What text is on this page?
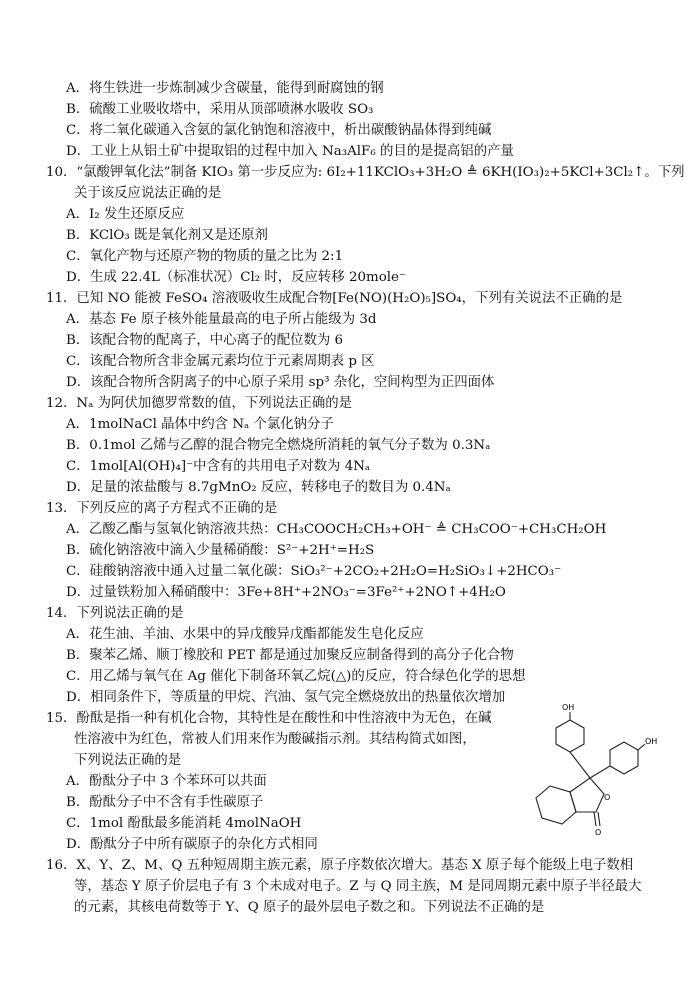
A．将生铁进一步炼制减少含碳量，能得到耐腐蚀的钢
B．硫酸工业吸收塔中，采用从顶部喷淋水吸收 SO₃
C．将二氧化碳通入含氨的氯化钠饱和溶液中，析出碳酸钠晶体得到纯碱
D．工业上从铝土矿中提取铝的过程中加入 Na₃AlF₆ 的目的是提高铝的产量
10．“氯酸钾氧化法”制备 KIO₃ 第一步反应为: 6I₂+11KClO₃+3H₂O ≜ 6KH(IO₃)₂+5KCl+3Cl₂↑。下列
关于该反应说法正确的是
A．I₂ 发生还原反应
B．KClO₃ 既是氧化剂又是还原剂
C．氧化产物与还原产物的物质的量之比为 2:1
D．生成 22.4L（标准状况）Cl₂ 时，反应转移 20mole⁻
11．已知 NO 能被 FeSO₄ 溶液吸收生成配合物[Fe(NO)(H₂O)₅]SO₄，下列有关说法不正确的是
A．基态 Fe 原子核外能量最高的电子所占能级为 3d
B．该配合物的配离子，中心离子的配位数为 6
C．该配合物所含非金属元素均位于元素周期表 p 区
D．该配合物所含阴离子的中心原子采用 sp³ 杂化，空间构型为正四面体
12．Nₐ 为阿伏加德罗常数的值，下列说法正确的是
A．1molNaCl 晶体中约含 Nₐ 个氯化钠分子
B．0.1mol 乙烯与乙醇的混合物完全燃烧所消耗的氧气分子数为 0.3Nₐ
C．1mol[Al(OH)₄]⁻中含有的共用电子对数为 4Nₐ
D．足量的浓盐酸与 8.7gMnO₂ 反应，转移电子的数目为 0.4Nₐ
13．下列反应的离子方程式不正确的是
A．乙酸乙酯与氢氧化钠溶液共热：CH₃COOCH₂CH₃+OH⁻ ≜ CH₃COO⁻+CH₃CH₂OH
B．硫化钠溶液中滴入少量稀硝酸：S²⁻+2H⁺=H₂S
C．硅酸钠溶液中通入过量二氧化碳：SiO₃²⁻+2CO₂+2H₂O=H₂SiO₃↓+2HCO₃⁻
D．过量铁粉加入稀硝酸中：3Fe+8H⁺+2NO₃⁻=3Fe²⁺+2NO↑+4H₂O
14．下列说法正确的是
A．花生油、羊油、水果中的异戊酸异戊酯都能发生皂化反应
B．聚苯乙烯、顺丁橡胶和 PET 都是通过加聚反应制备得到的高分子化合物
C．用乙烯与氧气在 Ag 催化下制备环氧乙烷(△)的反应，符合绿色化学的思想
D．相同条件下，等质量的甲烷、汽油、氢气完全燃烧放出的热量依次增加
15．酚酞是指一种有机化合物，其特性是在酸性和中性溶液中为无色，在碱
性溶液中为红色，常被人们用来作为酸碱指示剂。其结构简式如图，
下列说法正确的是
A．酚酞分子中 3 个苯环可以共面
B．酚酞分子中不含有手性碳原子
C．1mol 酚酞最多能消耗 4molNaOH
D．酚酞分子中所有碳原子的杂化方式相同
16．X、Y、Z、M、Q 五种短周期主族元素，原子序数依次增大。基态 X 原子每个能级上电子数相
等，基态 Y 原子价层电子有 3 个未成对电子。Z 与 Q 同主族，M 是同周期元素中原子半径最大
的元素，其核电荷数等于 Y、Q 原子的最外层电子数之和。下列说法不正确的是
OH
OH
O
O
